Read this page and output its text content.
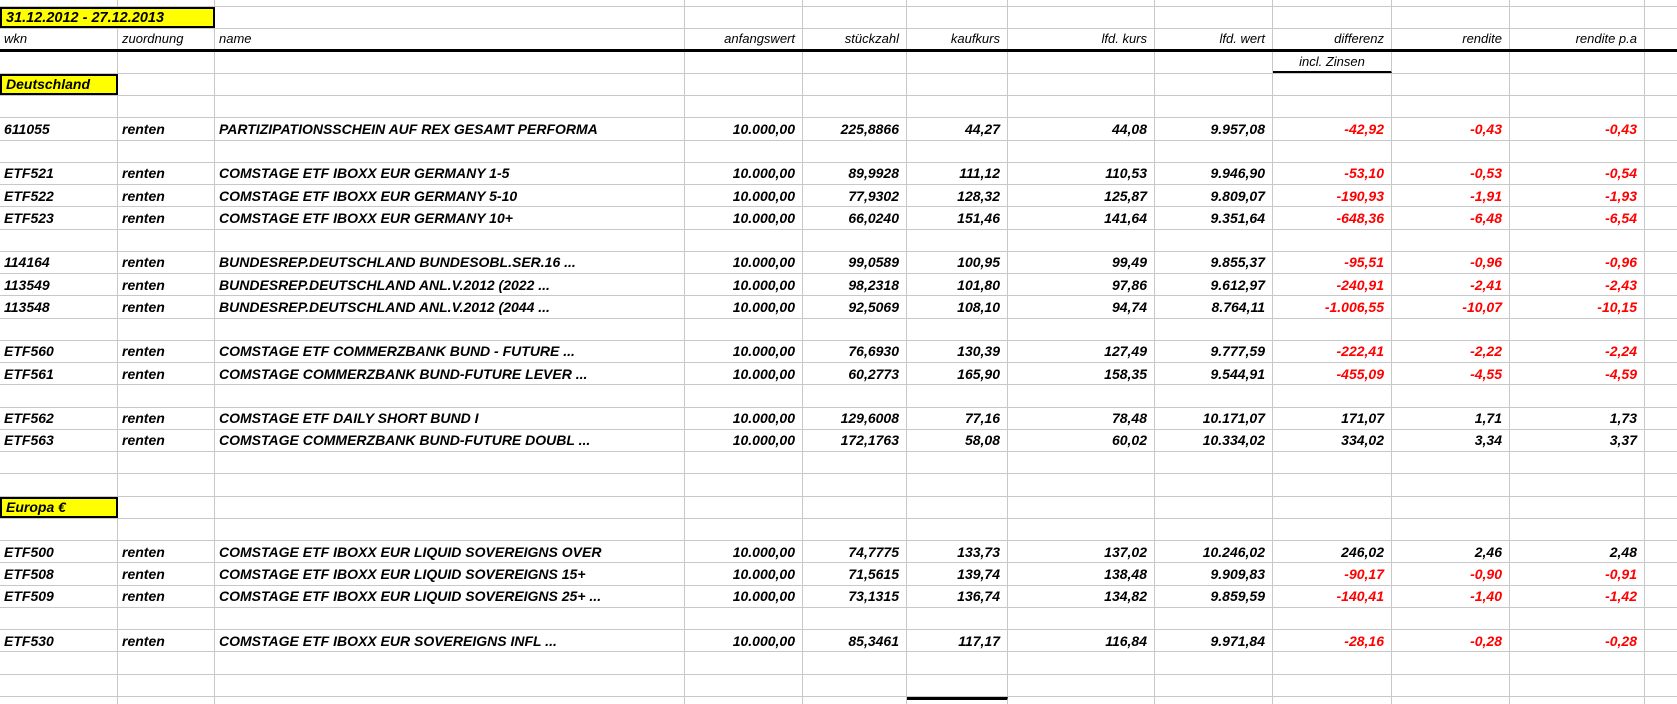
31.12.2012 - 27.12.2013
wkn	zuordnung	name	anfangswert	stückzahl	kaufkurs	lfd. kurs	lfd. wert	differenz	rendite	rendite p.a
incl. Zinsen
Deutschland
611055	renten	PARTIZIPATIONSSCHEIN AUF REX GESAMT PERFORMA	10.000,00	225,8866	44,27	44,08	9.957,08	-42,92	-0,43	-0,43
ETF521	renten	COMSTAGE ETF IBOXX EUR GERMANY 1-5	10.000,00	89,9928	111,12	110,53	9.946,90	-53,10	-0,53	-0,54
ETF522	renten	COMSTAGE ETF IBOXX EUR GERMANY 5-10	10.000,00	77,9302	128,32	125,87	9.809,07	-190,93	-1,91	-1,93
ETF523	renten	COMSTAGE ETF IBOXX EUR GERMANY 10+	10.000,00	66,0240	151,46	141,64	9.351,64	-648,36	-6,48	-6,54
114164	renten	BUNDESREP.DEUTSCHLAND BUNDESOBL.SER.16 ...	10.000,00	99,0589	100,95	99,49	9.855,37	-95,51	-0,96	-0,96
113549	renten	BUNDESREP.DEUTSCHLAND ANL.V.2012 (2022 ...	10.000,00	98,2318	101,80	97,86	9.612,97	-240,91	-2,41	-2,43
113548	renten	BUNDESREP.DEUTSCHLAND ANL.V.2012 (2044 ...	10.000,00	92,5069	108,10	94,74	8.764,11	-1.006,55	-10,07	-10,15
ETF560	renten	COMSTAGE ETF COMMERZBANK BUND - FUTURE ...	10.000,00	76,6930	130,39	127,49	9.777,59	-222,41	-2,22	-2,24
ETF561	renten	COMSTAGE COMMERZBANK BUND-FUTURE LEVER ...	10.000,00	60,2773	165,90	158,35	9.544,91	-455,09	-4,55	-4,59
ETF562	renten	COMSTAGE ETF DAILY SHORT BUND I	10.000,00	129,6008	77,16	78,48	10.171,07	171,07	1,71	1,73
ETF563	renten	COMSTAGE COMMERZBANK BUND-FUTURE DOUBL ...	10.000,00	172,1763	58,08	60,02	10.334,02	334,02	3,34	3,37
Europa €
ETF500	renten	COMSTAGE ETF IBOXX EUR LIQUID SOVEREIGNS OVER	10.000,00	74,7775	133,73	137,02	10.246,02	246,02	2,46	2,48
ETF508	renten	COMSTAGE ETF IBOXX EUR LIQUID SOVEREIGNS 15+	10.000,00	71,5615	139,74	138,48	9.909,83	-90,17	-0,90	-0,91
ETF509	renten	COMSTAGE ETF IBOXX EUR LIQUID SOVEREIGNS 25+ ...	10.000,00	73,1315	136,74	134,82	9.859,59	-140,41	-1,40	-1,42
ETF530	renten	COMSTAGE ETF IBOXX EUR SOVEREIGNS INFL ...	10.000,00	85,3461	117,17	116,84	9.971,84	-28,16	-0,28	-0,28
